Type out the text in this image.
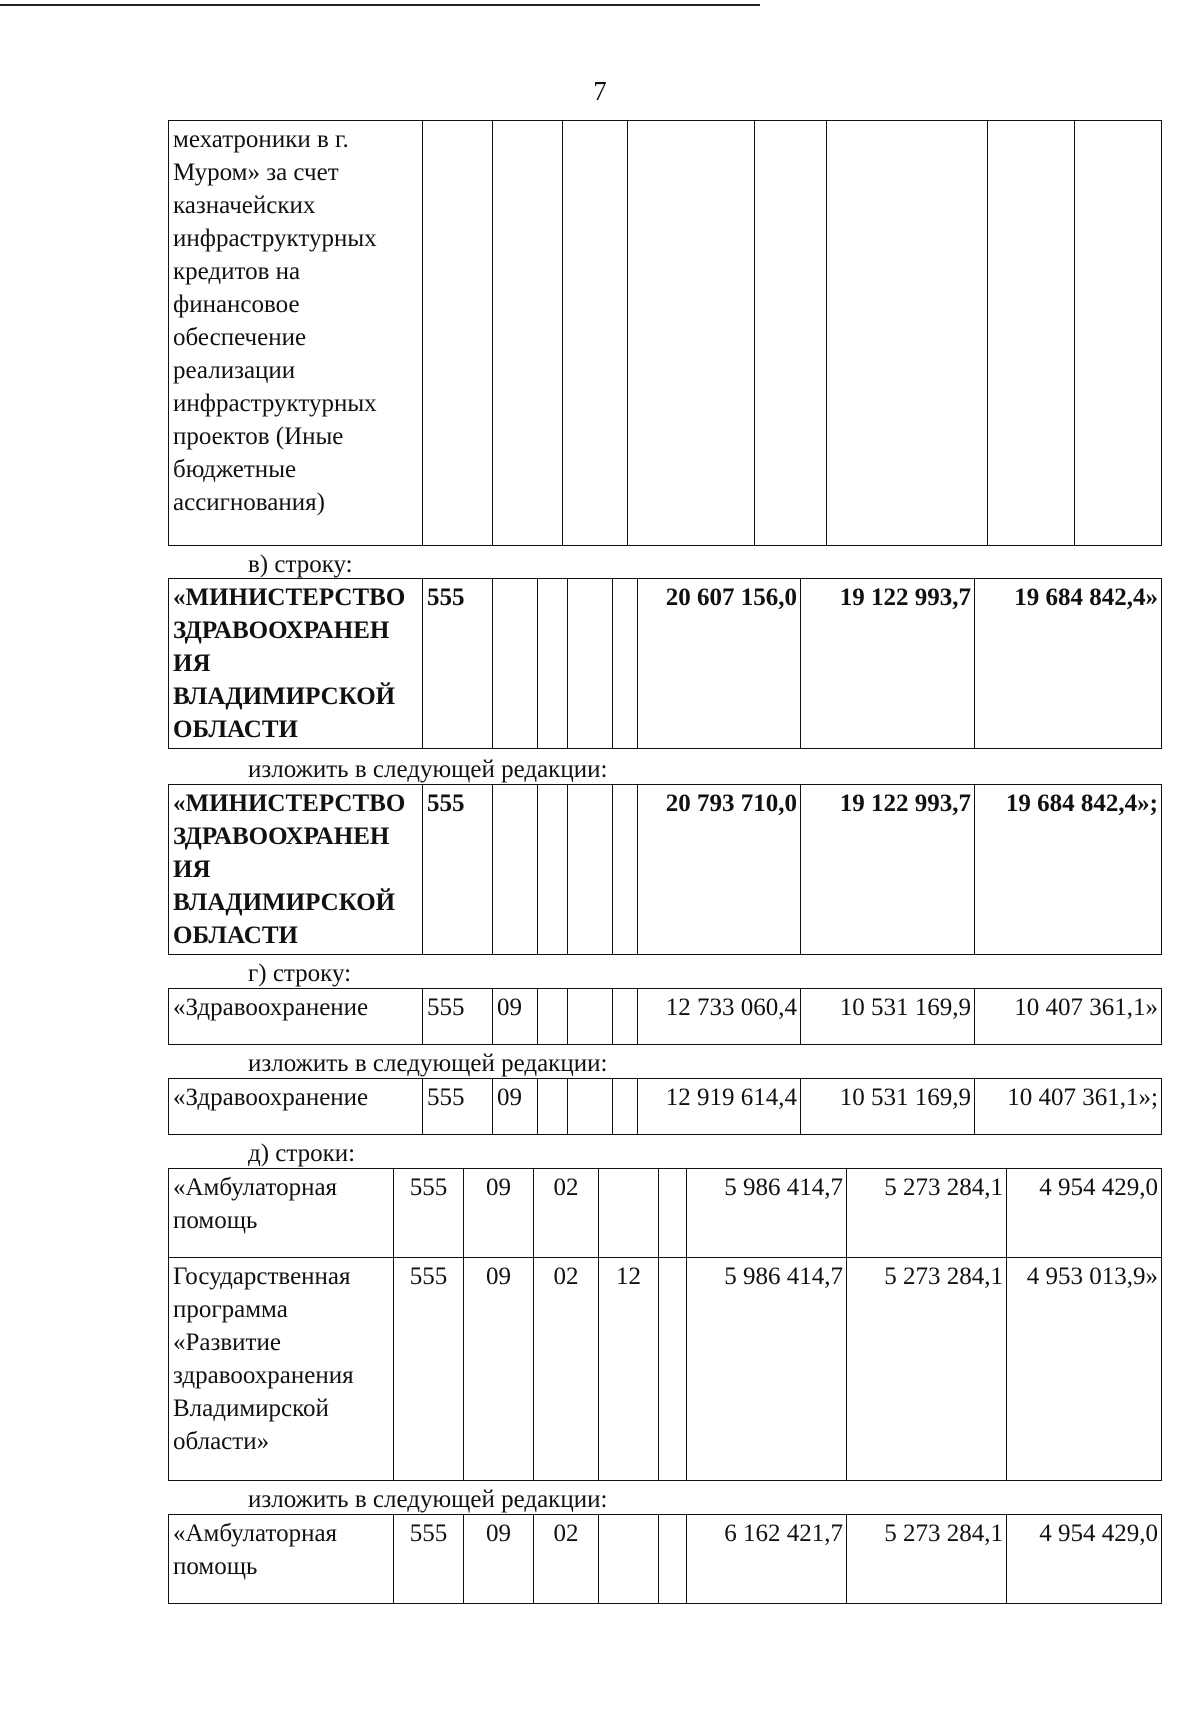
7
мехатроники в г. Муром» за счет казначейских инфраструктурных кредитов на финансовое обеспечение реализации инфраструктурных проектов (Иные бюджетные ассигнования)								
в) строку:
«МИНИСТЕРСТВО ЗДРАВООХРАНЕН ИЯ ВЛАДИМИРСКОЙ ОБЛАСТИ	555					20 607 156,0	19 122 993,7	19 684 842,4»
изложить в следующей редакции:
«МИНИСТЕРСТВО ЗДРАВООХРАНЕН ИЯ ВЛАДИМИРСКОЙ ОБЛАСТИ	555					20 793 710,0	19 122 993,7	19 684 842,4»;
г) строку:
«Здравоохранение	555	09				12 733 060,4	10 531 169,9	10 407 361,1»
изложить в следующей редакции:
«Здравоохранение	555	09				12 919 614,4	10 531 169,9	10 407 361,1»;
д) строки:
«Амбулаторная помощь	555	09	02			5 986 414,7	5 273 284,1	4 954 429,0
Государственная программа «Развитие здравоохранения Владимирской области»	555	09	02	12		5 986 414,7	5 273 284,1	4 953 013,9»
изложить в следующей редакции:
«Амбулаторная помощь	555	09	02			6 162 421,7	5 273 284,1	4 954 429,0
